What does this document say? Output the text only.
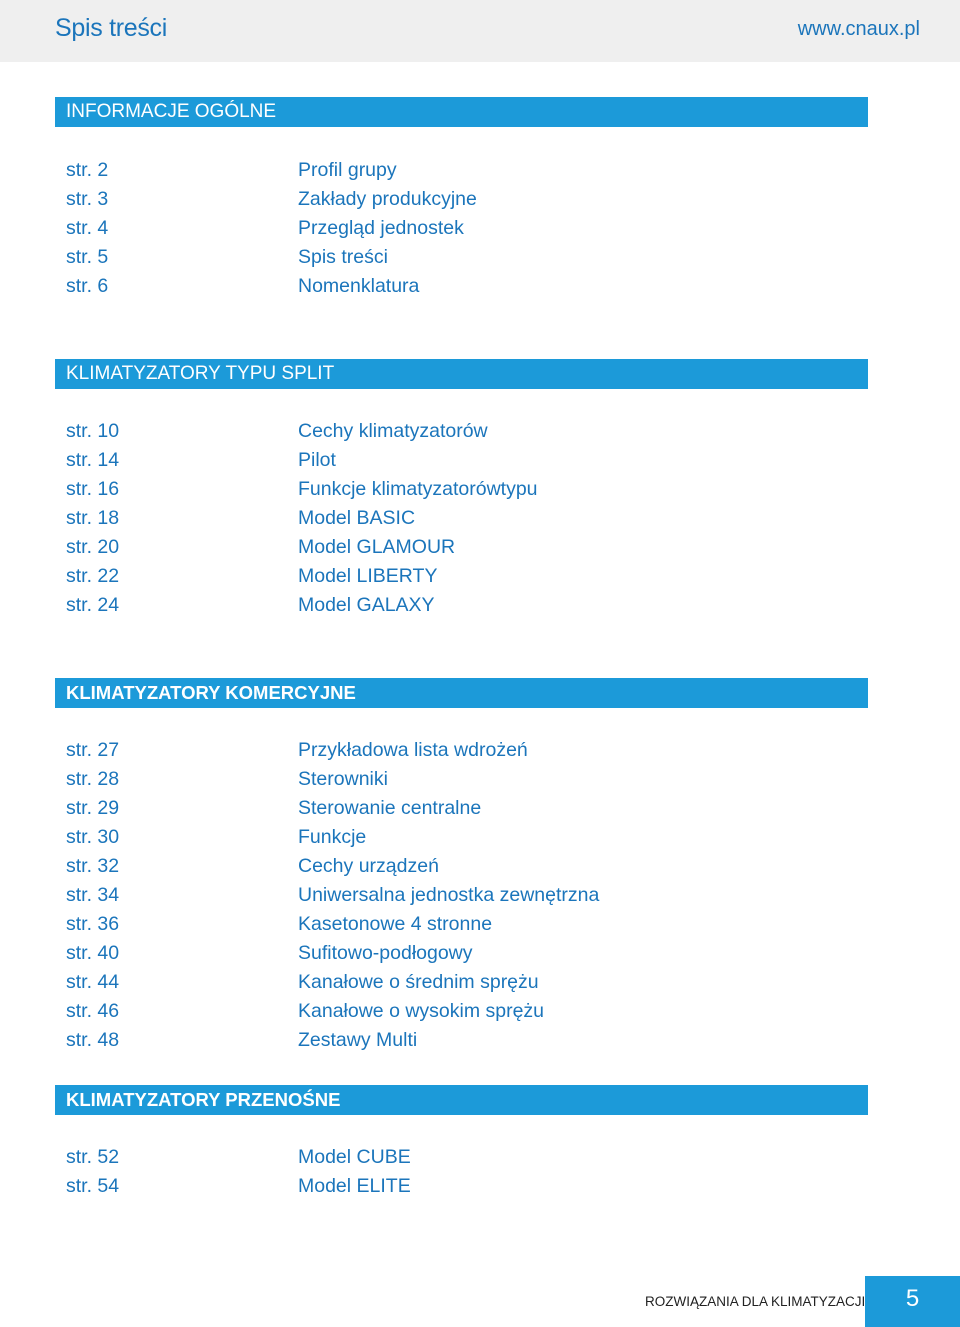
Spis treści	www.cnaux.pl
INFORMACJE OGÓLNE
str. 2	Profil grupy
str. 3	Zakłady produkcyjne
str. 4	Przegląd jednostek
str. 5	Spis treści
str. 6	Nomenklatura
KLIMATYZATORY TYPU SPLIT
str. 10	Cechy klimatyzatorów
str. 14	Pilot
str. 16	Funkcje klimatyzatorówtypu
str. 18	Model BASIC
str. 20	Model GLAMOUR
str. 22	Model LIBERTY
str. 24	Model GALAXY
KLIMATYZATORY KOMERCYJNE
str. 27	Przykładowa lista wdrożeń
str. 28	Sterowniki
str. 29	Sterowanie centralne
str. 30	Funkcje
str. 32	Cechy urządzeń
str. 34	Uniwersalna jednostka zewnętrzna
str. 36	Kasetonowe 4 stronne
str. 40	Sufitowo-podłogowy
str. 44	Kanałowe o średnim sprężu
str. 46	Kanałowe o wysokim sprężu
str. 48	Zestawy Multi
KLIMATYZATORY PRZENOŚNE
str. 52	Model CUBE
str. 54	Model ELITE
ROZWIĄZANIA DLA KLIMATYZACJI	5
